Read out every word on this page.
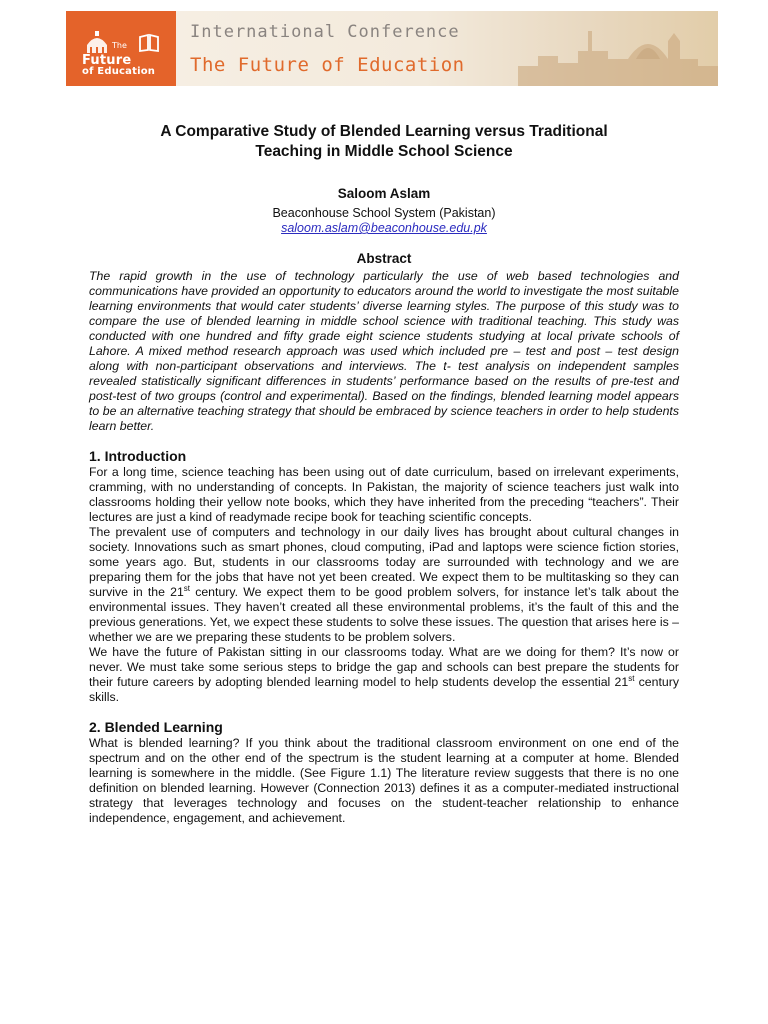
The
Future
of Education
International Conference
The Future of Education
A Comparative Study of Blended Learning versus Traditional
Teaching in Middle School Science
Saloom Aslam
Beaconhouse School System (Pakistan)
saloom.aslam@beaconhouse.edu.pk
Abstract
The rapid growth in the use of technology particularly the use of web based technologies and communications have provided an opportunity to educators around the world to investigate the most suitable learning environments that would cater students’ diverse learning styles. The purpose of this study was to compare the use of blended learning in middle school science with traditional teaching. This study was conducted with one hundred and fifty grade eight science students studying at local private schools of Lahore. A mixed method research approach was used which included pre – test and post – test design along with non-participant observations and interviews. The t- test analysis on independent samples revealed statistically significant differences in students’ performance based on the results of pre-test and post-test of two groups (control and experimental). Based on the findings, blended learning model appears to be an alternative teaching strategy that should be embraced by science teachers in order to help students learn better.
1. Introduction
For a long time, science teaching has been using out of date curriculum, based on irrelevant experiments, cramming, with no understanding of concepts. In Pakistan, the majority of science teachers just walk into classrooms holding their yellow note books, which they have inherited from the preceding “teachers”. Their lectures are just a kind of readymade recipe book for teaching scientific concepts.
The prevalent use of computers and technology in our daily lives has brought about cultural changes in society. Innovations such as smart phones, cloud computing, iPad and laptops were science fiction stories, some years ago. But, students in our classrooms today are surrounded with technology and we are preparing them for the jobs that have not yet been created. We expect them to be multitasking so they can survive in the 21st century. We expect them to be good problem solvers, for instance let’s talk about the environmental issues. They haven’t created all these environmental problems, it’s the fault of this and the previous generations. Yet, we expect these students to solve these issues. The question that arises here is –whether we are we preparing these students to be problem solvers.
We have the future of Pakistan sitting in our classrooms today. What are we doing for them? It’s now or never. We must take some serious steps to bridge the gap and schools can best prepare the students for their future careers by adopting blended learning model to help students develop the essential 21st century skills.
2. Blended Learning
What is blended learning? If you think about the traditional classroom environment on one end of the spectrum and on the other end of the spectrum is the student learning at a computer at home. Blended learning is somewhere in the middle. (See Figure 1.1) The literature review suggests that there is no one definition on blended learning. However (Connection 2013) defines it as a computer-mediated instructional strategy that leverages technology and focuses on the student-teacher relationship to enhance independence, engagement, and achievement.
